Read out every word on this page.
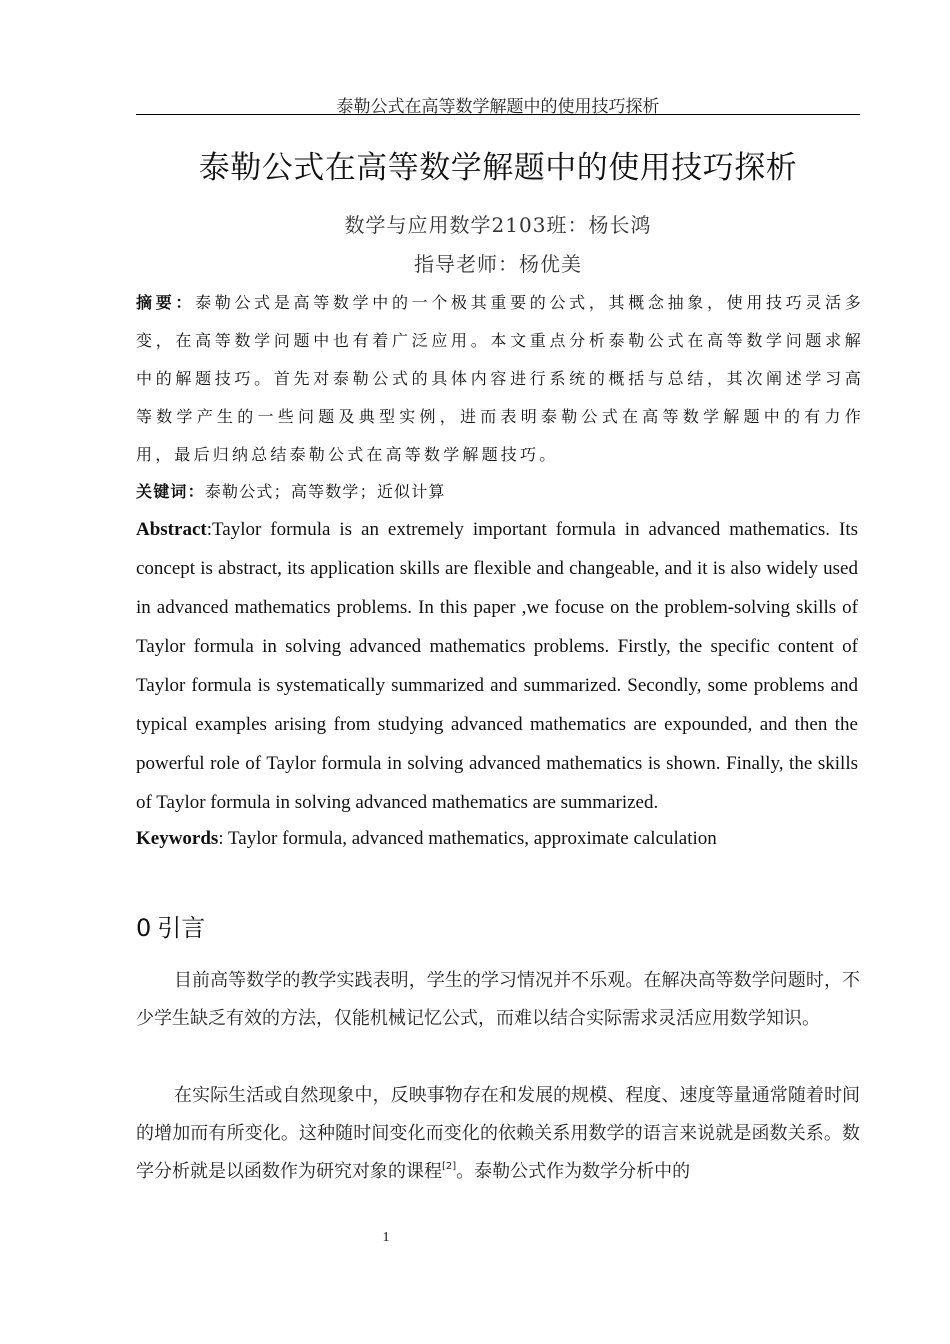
泰勒公式在高等数学解题中的使用技巧探析
泰勒公式在高等数学解题中的使用技巧探析
数学与应用数学2103班：杨长鸿
指导老师：杨优美

摘要：泰勒公式是高等数学中的一个极其重要的公式，其概念抽象，使用技巧灵活多变，在高等数学问题中也有着广泛应用。本文重点分析泰勒公式在高等数学问题求解中的解题技巧。首先对泰勒公式的具体内容进行系统的概括与总结，其次阐述学习高等数学产生的一些问题及典型实例，进而表明泰勒公式在高等数学解题中的有力作用，最后归纳总结泰勒公式在高等数学解题技巧。

关键词：泰勒公式；高等数学；近似计算

Abstract:Taylor formula is an extremely important formula in advanced mathematics. Its concept is abstract, its application skills are flexible and changeable, and it is also widely used in advanced mathematics problems. In this paper ,we focuse on the problem-solving skills of Taylor formula in solving advanced mathematics problems. Firstly, the specific content of Taylor formula is systematically summarized and summarized. Secondly, some problems and typical examples arising from studying advanced mathematics are expounded, and then the powerful role of Taylor formula in solving advanced mathematics is shown. Finally, the skills of Taylor formula in solving advanced mathematics are summarized.

Keywords: Taylor formula, advanced mathematics, approximate calculation

0 引言

目前高等数学的教学实践表明，学生的学习情况并不乐观。在解决高等数学问题时，不少学生缺乏有效的方法，仅能机械记忆公式，而难以结合实际需求灵活应用数学知识。

在实际生活或自然现象中，反映事物存在和发展的规模、程度、速度等量通常随着时间的增加而有所变化。这种随时间变化而变化的依赖关系用数学的语言来说就是函数关系。数学分析就是以函数作为研究对象的课程[2]。泰勒公式作为数学分析中的

1
